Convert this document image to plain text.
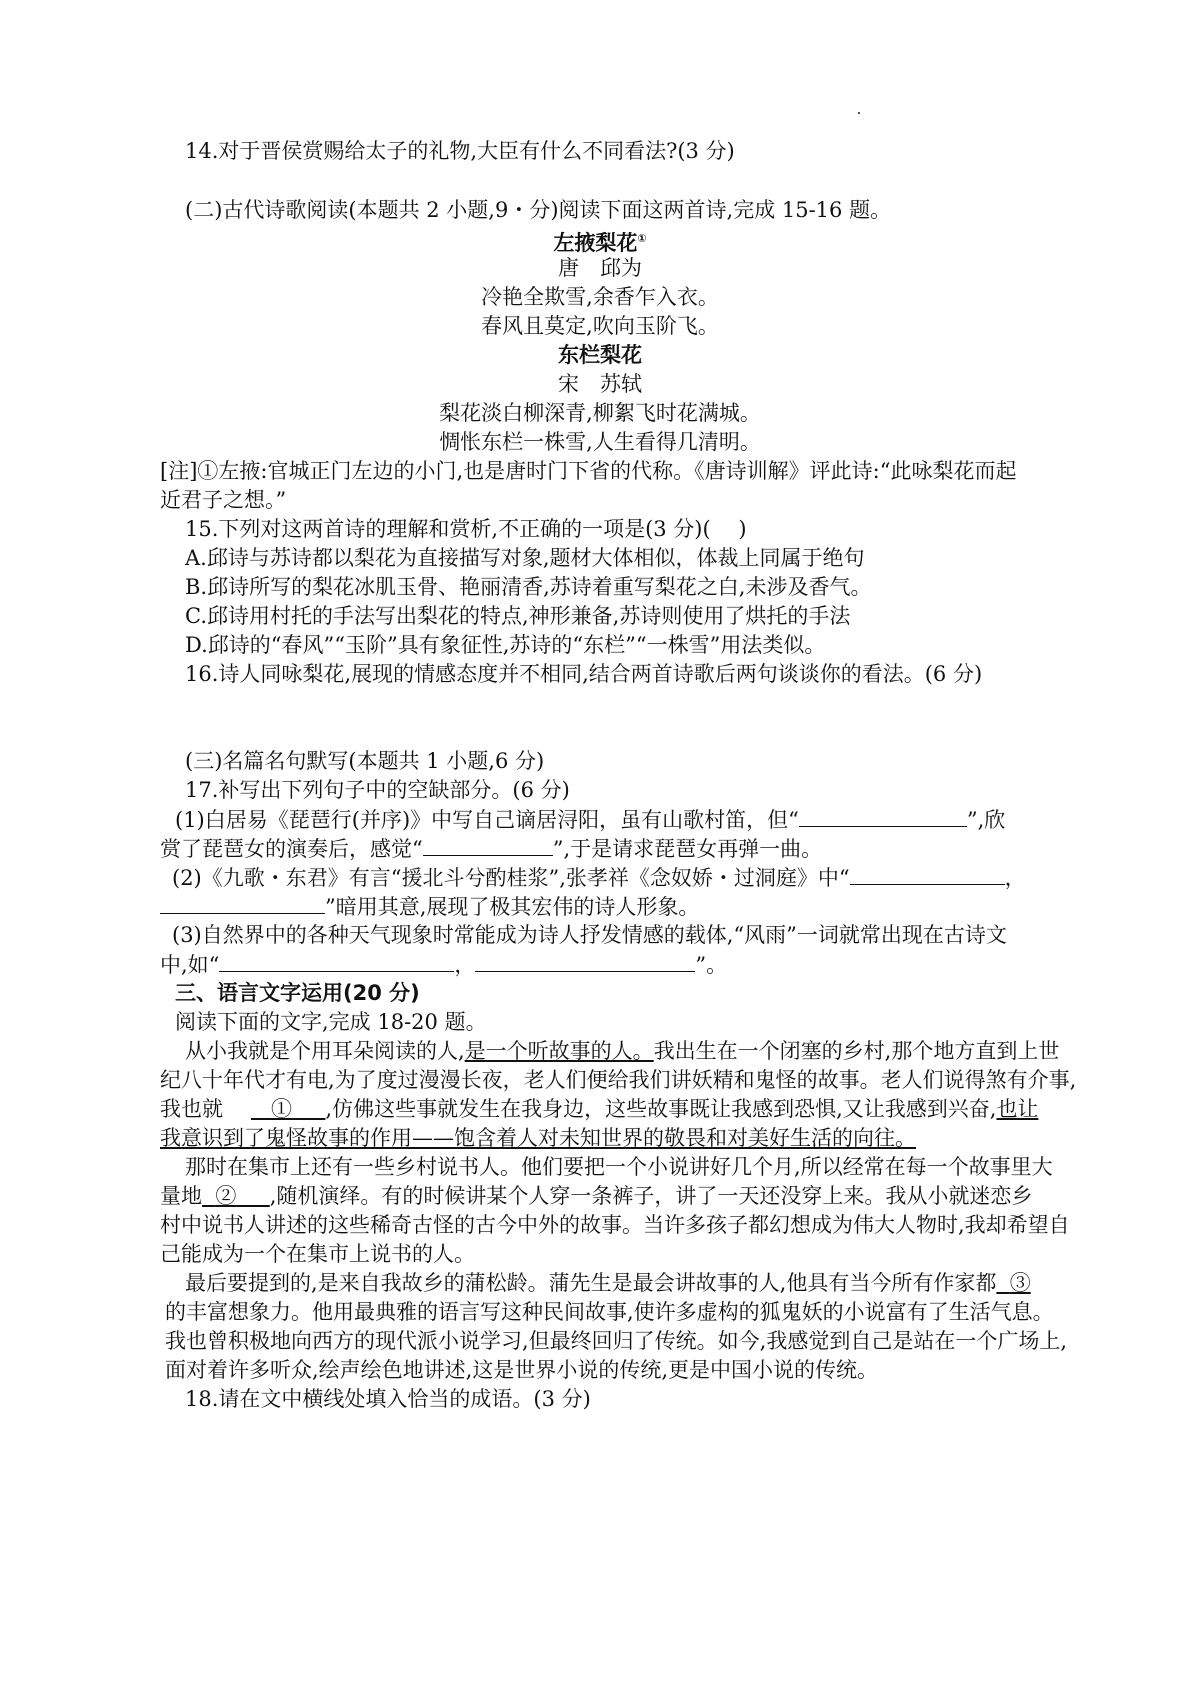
14.对于晋侯赏赐给太子的礼物,大臣有什么不同看法?(3 分)
(二)古代诗歌阅读(本题共 2 小题,9・分)阅读下面这两首诗,完成 15-16 题。
左掖梨花①
唐　邱为
冷艳全欺雪,余香乍入衣。
春风且莫定,吹向玉阶飞。
东栏梨花
宋　苏轼
梨花淡白柳深青,柳絮飞时花满城。
惆怅东栏一株雪,人生看得几清明。
[注]①左掖:官城正门左边的小门,也是唐时门下省的代称。《唐诗训解》评此诗:“此咏梨花而起
近君子之想。”
15.下列对这两首诗的理解和赏析,不正确的一项是(3 分)(　 )
A.邱诗与苏诗都以梨花为直接描写对象,题材大体相似，体裁上同属于绝句
B.邱诗所写的梨花冰肌玉骨、艳丽清香,苏诗着重写梨花之白,未涉及香气。
C.邱诗用村托的手法写出梨花的特点,神形兼备,苏诗则使用了烘托的手法
D.邱诗的“春风”“玉阶”具有象征性,苏诗的“东栏”“一株雪”用法类似。
16.诗人同咏梨花,展现的情感态度并不相同,结合两首诗歌后两句谈谈你的看法。(6 分)
(三)名篇名句默写(本题共 1 小题,6 分)
17.补写出下列句子中的空缺部分。(6 分)
(1)白居易《琵琶行(并序)》中写自己谪居浔阳，虽有山歌村笛，但“	”,欣
赏了琵琶女的演奏后，感觉“	”,于是请求琵琶女再弹一曲。
(2)《九歌・东君》有言“援北斗兮酌桂浆”,张孝祥《念奴娇・过洞庭》中“	，
”暗用其意,展现了极其宏伟的诗人形象。
(3)自然界中的各种天气现象时常能成为诗人抒发情感的载体,“风雨”一词就常出现在古诗文
中,如“	，	”。
三、语言文字运用(20 分)
阅读下面的文字,完成 18-20 题。
从小我就是个用耳朵阅读的人,是一个听故事的人。我出生在一个闭塞的乡村,那个地方直到上世
纪八十年代才有电,为了度过漫漫长夜，老人们便给我们讲妖精和鬼怪的故事。老人们说得煞有介事,
我也就 ① ,仿佛这些事就发生在我身边，这些故事既让我感到恐惧,又让我感到兴奋,也让
我意识到了鬼怪故事的作用——饱含着人对未知世界的敬畏和对美好生活的向往。
那时在集市上还有一些乡村说书人。他们要把一个小说讲好几个月,所以经常在每一个故事里大
量地 ② ,随机演绎。有的时候讲某个人穿一条裤子，讲了一天还没穿上来。我从小就迷恋乡
村中说书人讲述的这些稀奇古怪的古今中外的故事。当许多孩子都幻想成为伟大人物时,我却希望自
己能成为一个在集市上说书的人。
最后要提到的,是来自我故乡的蒲松龄。蒲先生是最会讲故事的人,他具有当今所有作家都 ③
的丰富想象力。他用最典雅的语言写这种民间故事,使许多虚构的狐鬼妖的小说富有了生活气息。
我也曾积极地向西方的现代派小说学习,但最终回归了传统。如今,我感觉到自己是站在一个广场上,
面对着许多听众,绘声绘色地讲述,这是世界小说的传统,更是中国小说的传统。
18.请在文中横线处填入恰当的成语。(3 分)
